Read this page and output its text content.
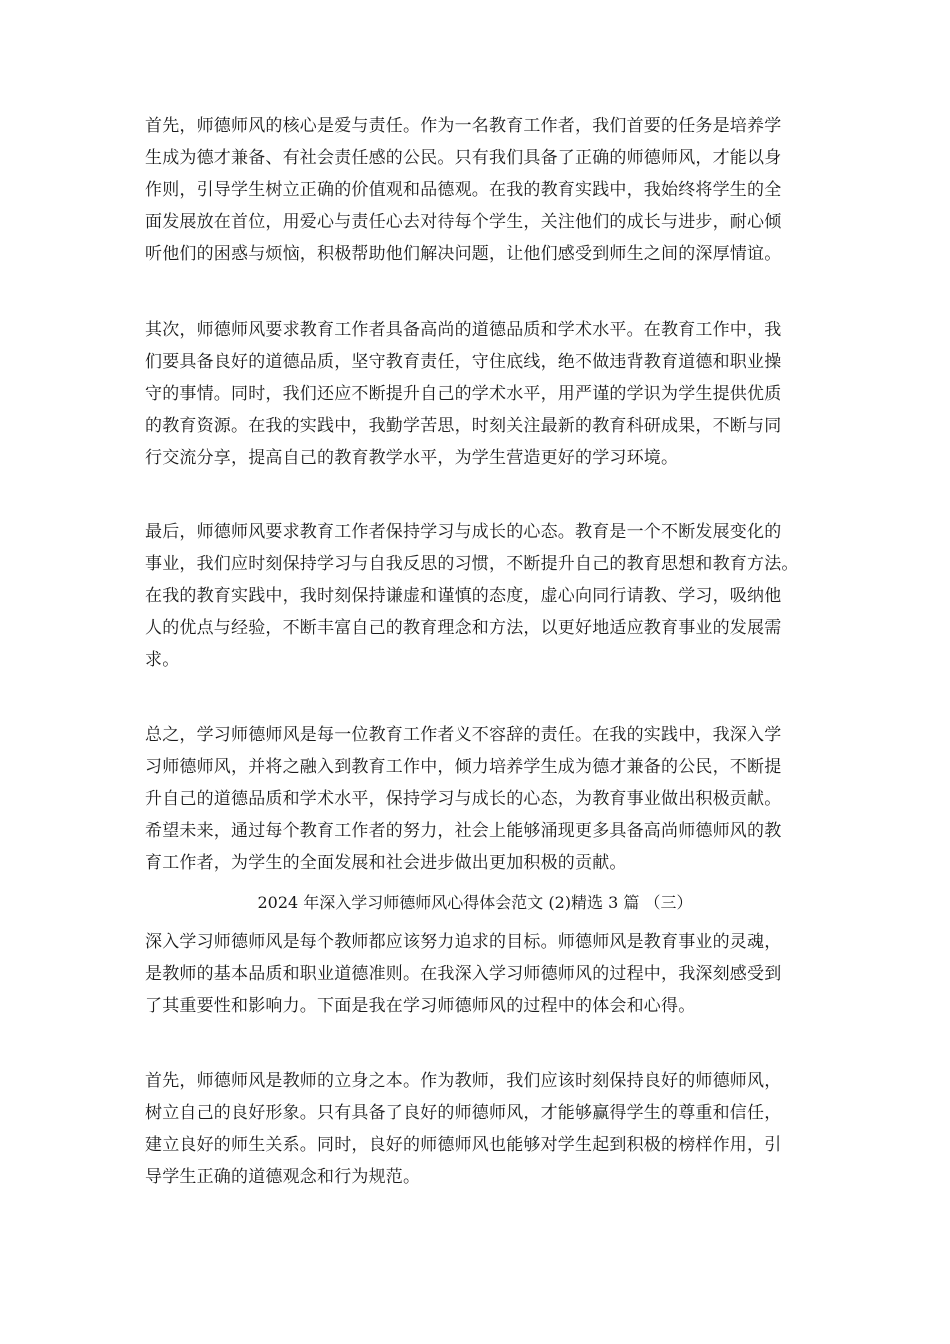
首先，师德师风的核心是爱与责任。作为一名教育工作者，我们首要的任务是培养学
生成为德才兼备、有社会责任感的公民。只有我们具备了正确的师德师风，才能以身
作则，引导学生树立正确的价值观和品德观。在我的教育实践中，我始终将学生的全
面发展放在首位，用爱心与责任心去对待每个学生，关注他们的成长与进步，耐心倾
听他们的困惑与烦恼，积极帮助他们解决问题，让他们感受到师生之间的深厚情谊。
其次，师德师风要求教育工作者具备高尚的道德品质和学术水平。在教育工作中，我
们要具备良好的道德品质，坚守教育责任，守住底线，绝不做违背教育道德和职业操
守的事情。同时，我们还应不断提升自己的学术水平，用严谨的学识为学生提供优质
的教育资源。在我的实践中，我勤学苦思，时刻关注最新的教育科研成果，不断与同
行交流分享，提高自己的教育教学水平，为学生营造更好的学习环境。
最后，师德师风要求教育工作者保持学习与成长的心态。教育是一个不断发展变化的
事业，我们应时刻保持学习与自我反思的习惯，不断提升自己的教育思想和教育方法。
在我的教育实践中，我时刻保持谦虚和谨慎的态度，虚心向同行请教、学习，吸纳他
人的优点与经验，不断丰富自己的教育理念和方法，以更好地适应教育事业的发展需
求。
总之，学习师德师风是每一位教育工作者义不容辞的责任。在我的实践中，我深入学
习师德师风，并将之融入到教育工作中，倾力培养学生成为德才兼备的公民，不断提
升自己的道德品质和学术水平，保持学习与成长的心态，为教育事业做出积极贡献。
希望未来，通过每个教育工作者的努力，社会上能够涌现更多具备高尚师德师风的教
育工作者，为学生的全面发展和社会进步做出更加积极的贡献。
2024 年深入学习师德师风心得体会范文 (2)精选 3 篇 （三）
深入学习师德师风是每个教师都应该努力追求的目标。师德师风是教育事业的灵魂，
是教师的基本品质和职业道德准则。在我深入学习师德师风的过程中，我深刻感受到
了其重要性和影响力。下面是我在学习师德师风的过程中的体会和心得。
首先，师德师风是教师的立身之本。作为教师，我们应该时刻保持良好的师德师风，
树立自己的良好形象。只有具备了良好的师德师风，才能够赢得学生的尊重和信任，
建立良好的师生关系。同时，良好的师德师风也能够对学生起到积极的榜样作用，引
导学生正确的道德观念和行为规范。
